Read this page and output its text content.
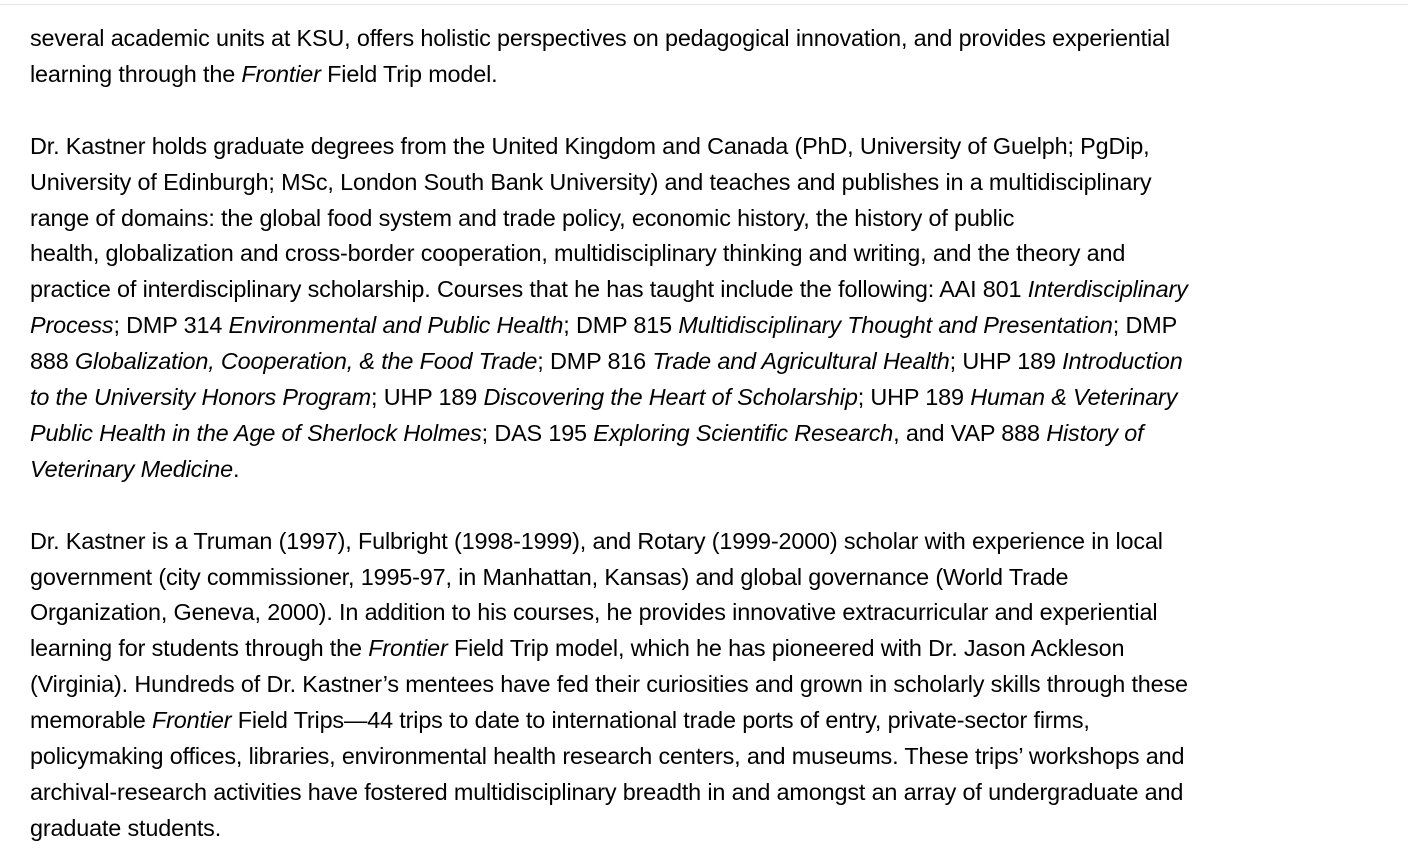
several academic units at KSU, offers holistic perspectives on pedagogical innovation, and provides experiential
learning through the Frontier Field Trip model.

Dr. Kastner holds graduate degrees from the United Kingdom and Canada (PhD, University of Guelph; PgDip,
University of Edinburgh; MSc, London South Bank University) and teaches and publishes in a multidisciplinary
range of domains: the global food system and trade policy, economic history, the history of public
health, globalization and cross-border cooperation, multidisciplinary thinking and writing, and the theory and
practice of interdisciplinary scholarship. Courses that he has taught include the following: AAI 801 Interdisciplinary
Process; DMP 314 Environmental and Public Health; DMP 815 Multidisciplinary Thought and Presentation; DMP
888 Globalization, Cooperation, & the Food Trade; DMP 816 Trade and Agricultural Health; UHP 189 Introduction
to the University Honors Program; UHP 189 Discovering the Heart of Scholarship; UHP 189 Human & Veterinary
Public Health in the Age of Sherlock Holmes; DAS 195 Exploring Scientific Research, and VAP 888 History of
Veterinary Medicine.

Dr. Kastner is a Truman (1997), Fulbright (1998-1999), and Rotary (1999-2000) scholar with experience in local
government (city commissioner, 1995-97, in Manhattan, Kansas) and global governance (World Trade
Organization, Geneva, 2000). In addition to his courses, he provides innovative extracurricular and experiential
learning for students through the Frontier Field Trip model, which he has pioneered with Dr. Jason Ackleson
(Virginia). Hundreds of Dr. Kastner’s mentees have fed their curiosities and grown in scholarly skills through these
memorable Frontier Field Trips—44 trips to date to international trade ports of entry, private-sector firms,
policymaking offices, libraries, environmental health research centers, and museums. These trips’ workshops and
archival-research activities have fostered multidisciplinary breadth in and amongst an array of undergraduate and
graduate students.
